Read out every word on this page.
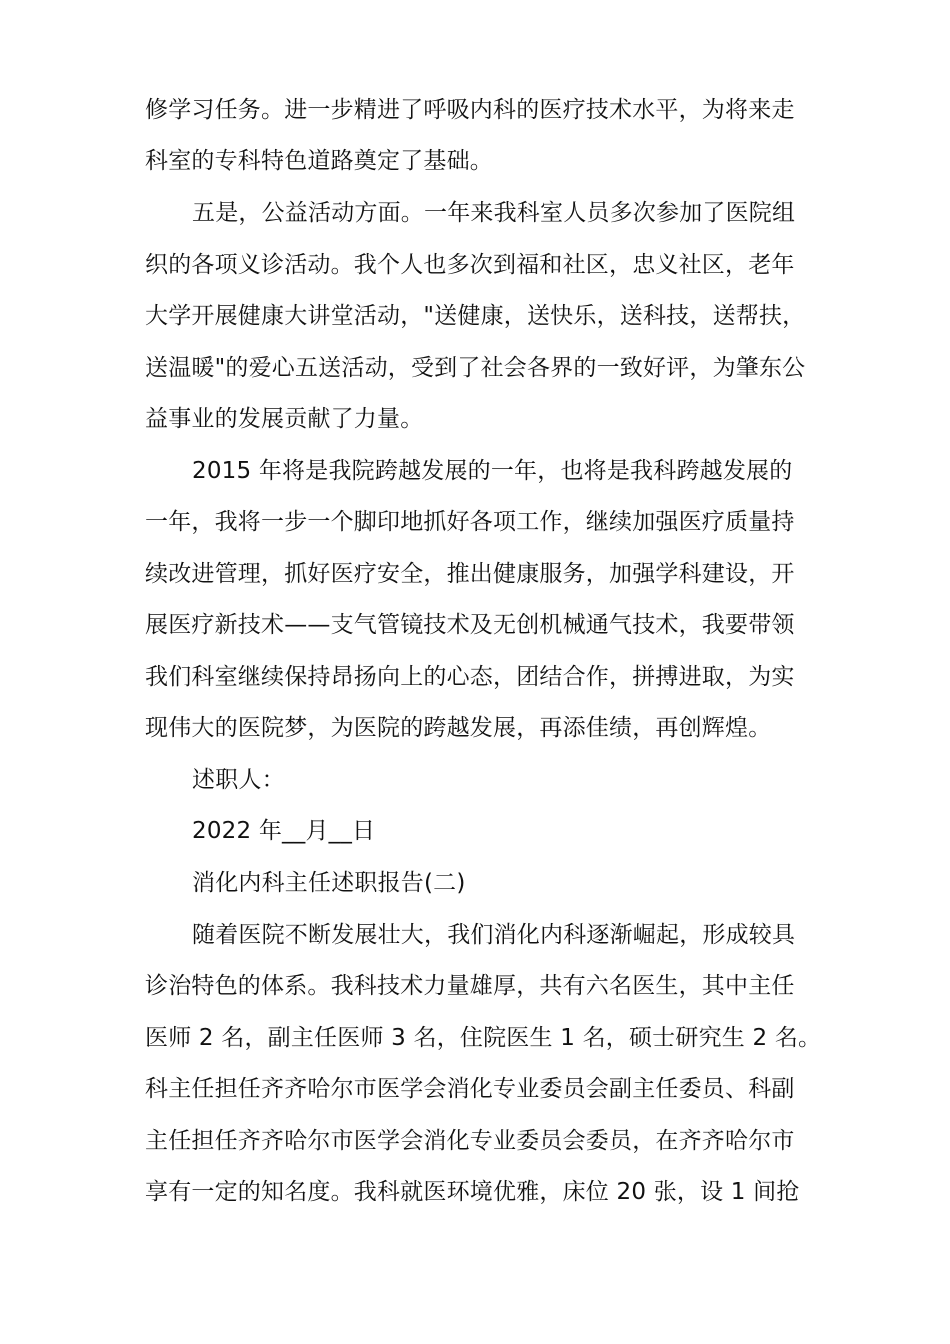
修学习任务。进一步精进了呼吸内科的医疗技术水平，为将来走
科室的专科特色道路奠定了基础。
五是，公益活动方面。一年来我科室人员多次参加了医院组
织的各项义诊活动。我个人也多次到福和社区，忠义社区，老年
大学开展健康大讲堂活动，"送健康，送快乐，送科技，送帮扶，
送温暖"的爱心五送活动，受到了社会各界的一致好评，为肇东公
益事业的发展贡献了力量。
2015 年将是我院跨越发展的一年，也将是我科跨越发展的
一年，我将一步一个脚印地抓好各项工作，继续加强医疗质量持
续改进管理，抓好医疗安全，推出健康服务，加强学科建设，开
展医疗新技术——支气管镜技术及无创机械通气技术，我要带领
我们科室继续保持昂扬向上的心态，团结合作，拼搏进取，为实
现伟大的医院梦，为医院的跨越发展，再添佳绩，再创辉煌。
述职人：
2022 年__月__日
消化内科主任述职报告(二)
随着医院不断发展壮大，我们消化内科逐渐崛起，形成较具
诊治特色的体系。我科技术力量雄厚，共有六名医生，其中主任
医师 2 名，副主任医师 3 名，住院医生 1 名，硕士研究生 2 名。
科主任担任齐齐哈尔市医学会消化专业委员会副主任委员、科副
主任担任齐齐哈尔市医学会消化专业委员会委员，在齐齐哈尔市
享有一定的知名度。我科就医环境优雅，床位 20 张，设 1 间抢
